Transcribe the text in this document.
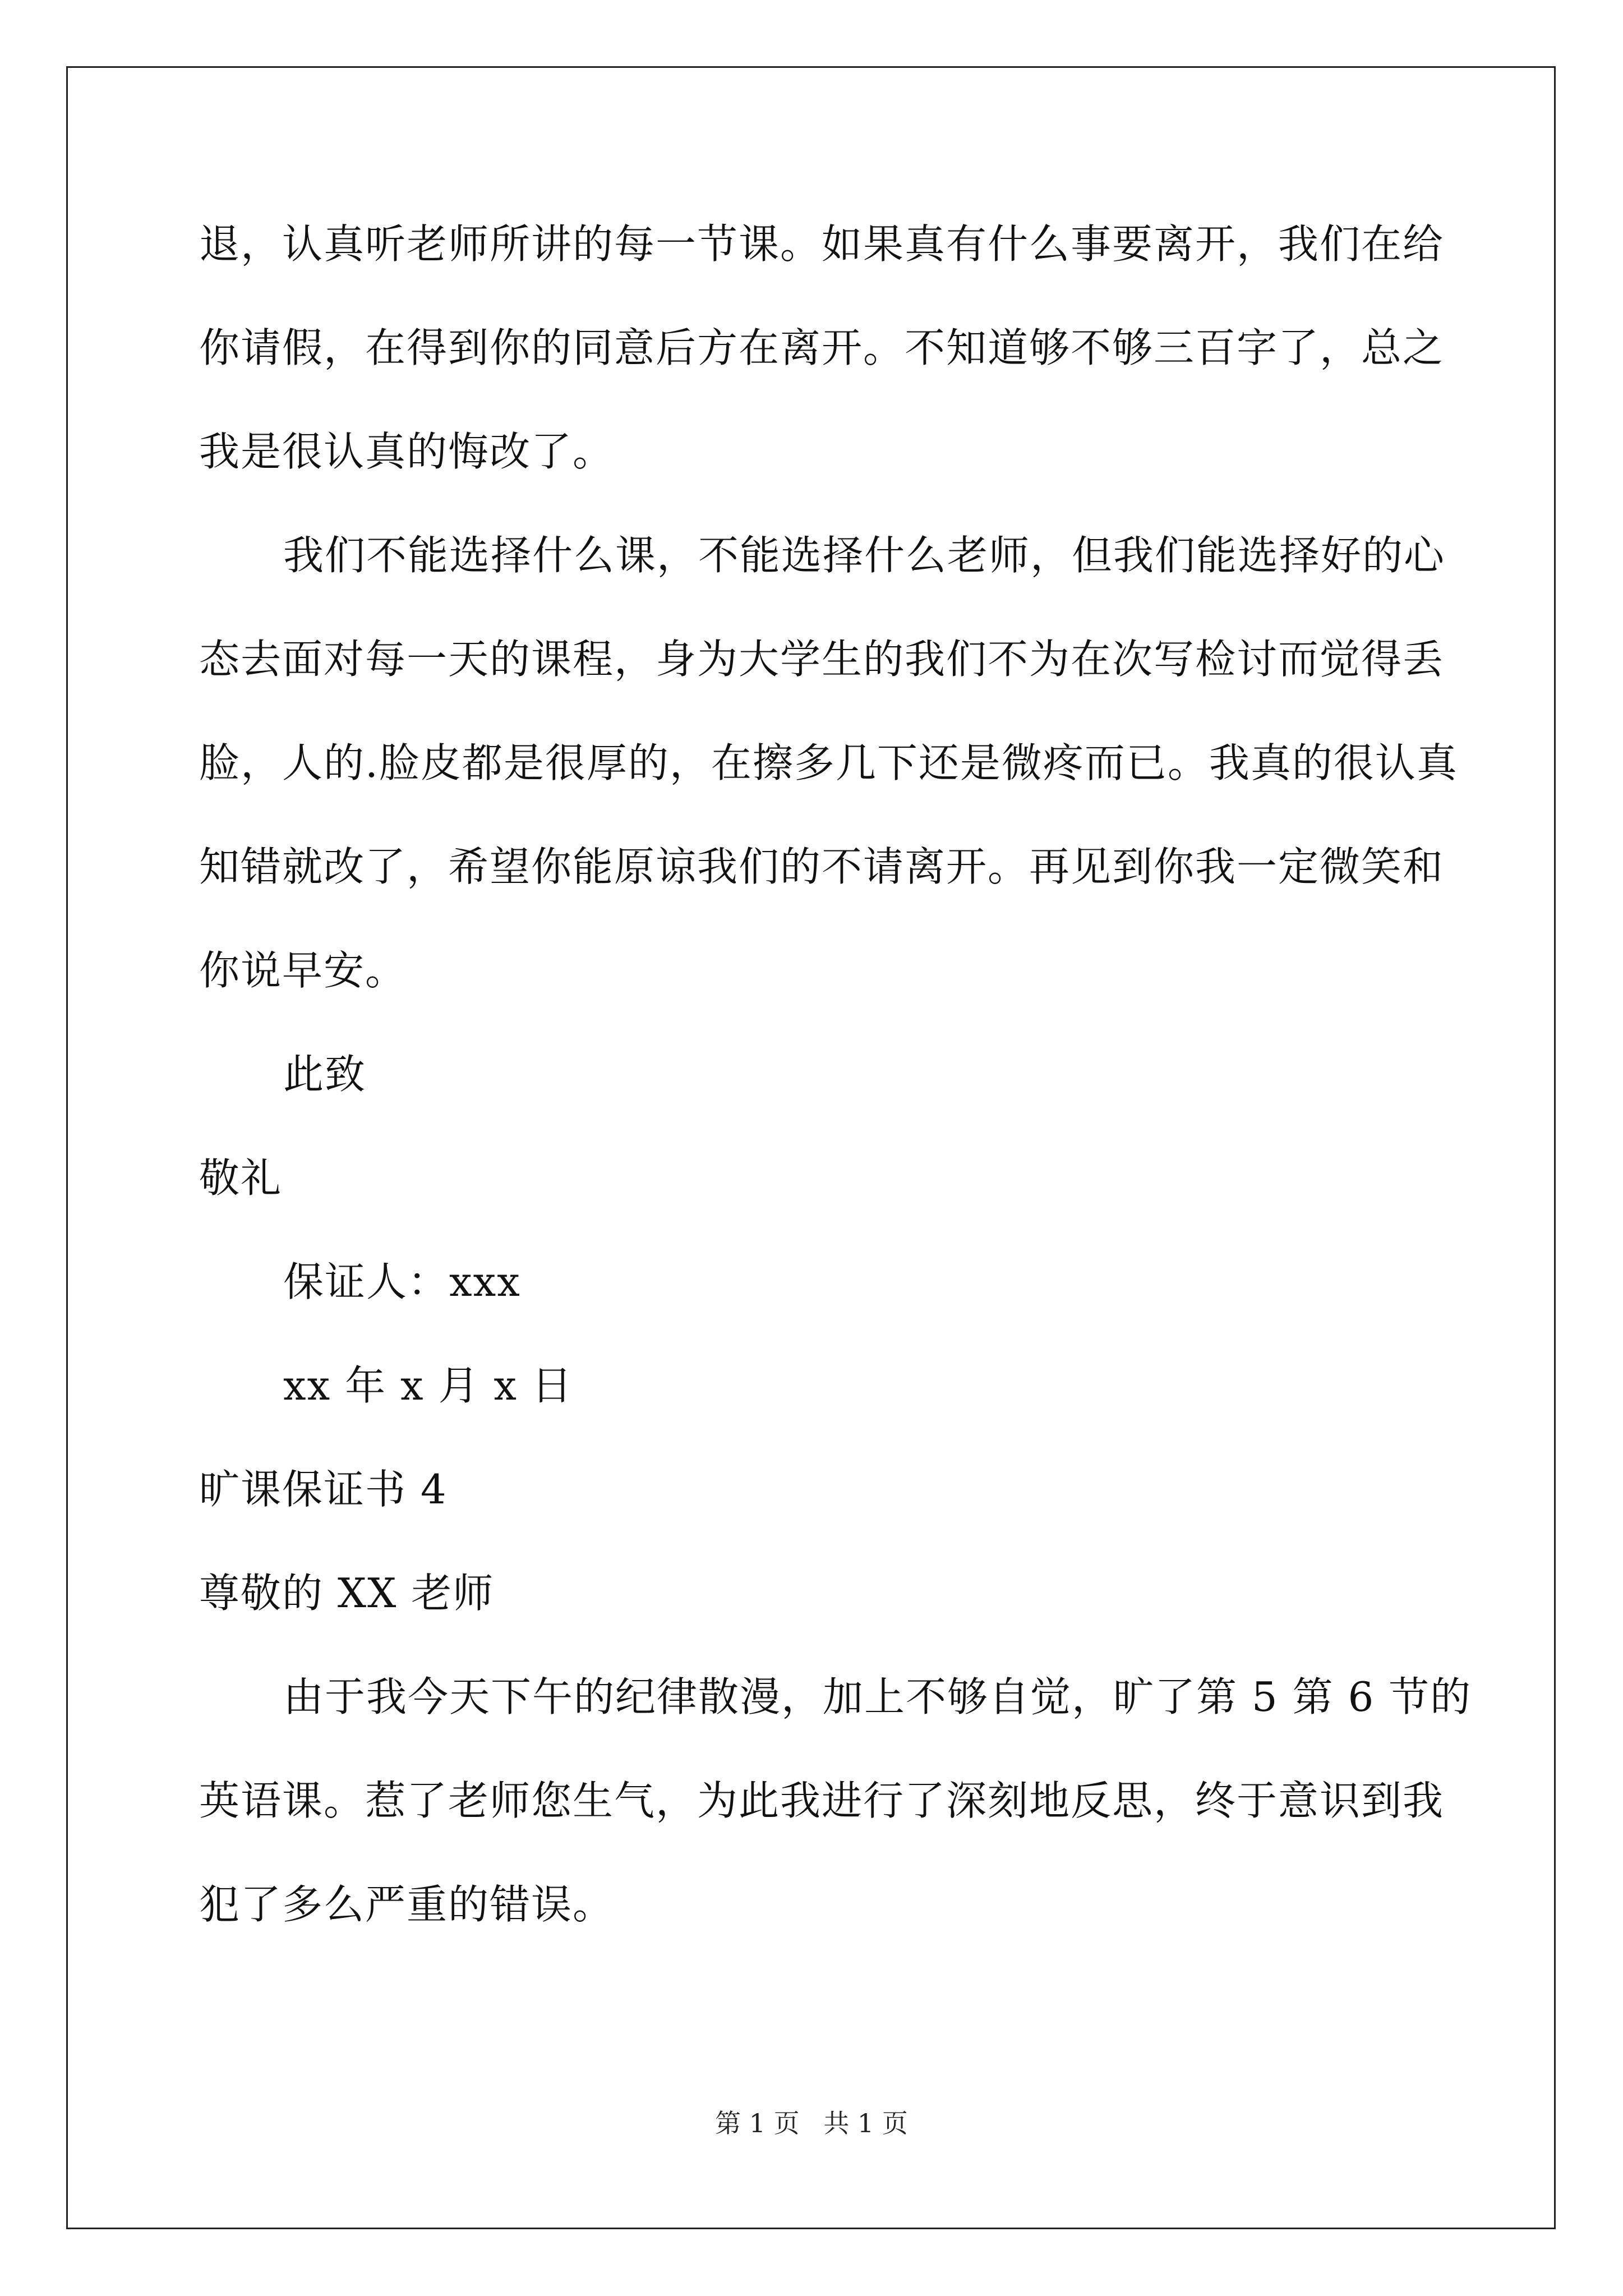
退，认真听老师所讲的每一节课。如果真有什么事要离开，我们在给
你请假，在得到你的同意后方在离开。不知道够不够三百字了，总之
我是很认真的悔改了。
我们不能选择什么课，不能选择什么老师，但我们能选择好的心
态去面对每一天的课程，身为大学生的我们不为在次写检讨而觉得丢
脸，人的.脸皮都是很厚的，在擦多几下还是微疼而已。我真的很认真
知错就改了，希望你能原谅我们的不请离开。再见到你我一定微笑和
你说早安。
此致
敬礼
保证人：xxx
xx 年 x 月 x 日
旷课保证书 4
尊敬的 XX 老师
由于我今天下午的纪律散漫，加上不够自觉，旷了第 5 第 6 节的
英语课。惹了老师您生气，为此我进行了深刻地反思，终于意识到我
犯了多么严重的错误。
第 1 页 共 1 页
